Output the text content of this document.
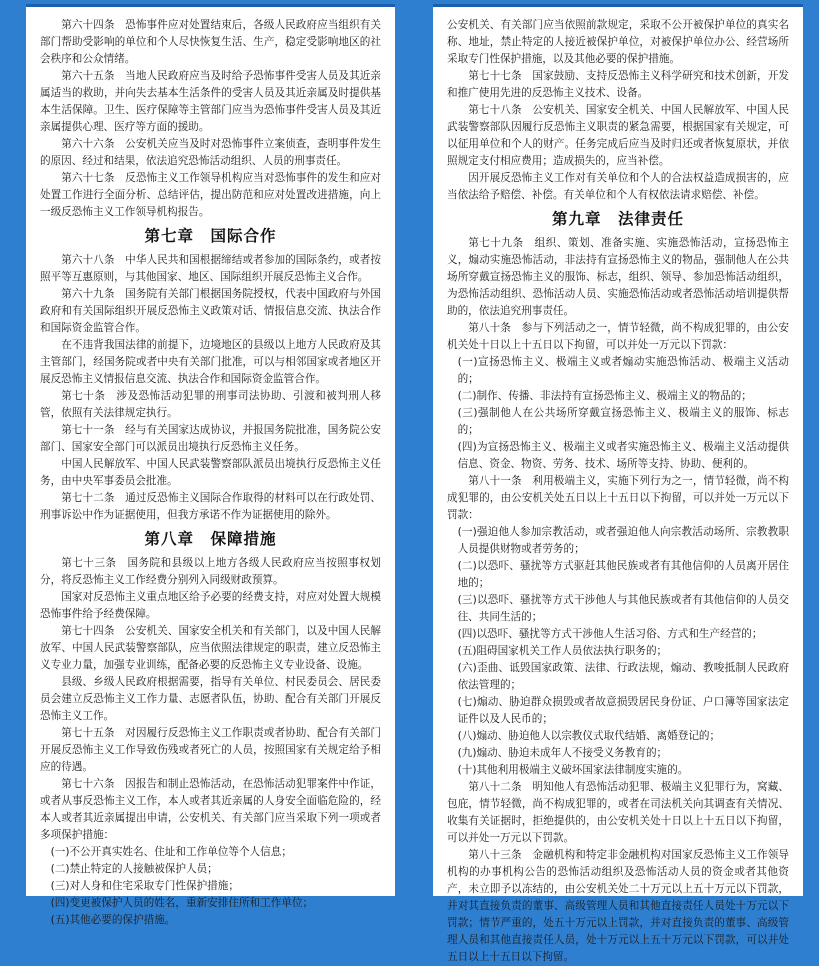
第六十四条　恐怖事件应对处置结束后，各级人民政府应当组织有关部门帮助受影响的单位和个人尽快恢复生活、生产，稳定受影响地区的社会秩序和公众情绪。

第六十五条　当地人民政府应当及时给予恐怖事件受害人员及其近亲属适当的救助，并向失去基本生活条件的受害人员及其近亲属及时提供基本生活保障。卫生、医疗保障等主管部门应当为恐怖事件受害人员及其近亲属提供心理、医疗等方面的援助。

第六十六条　公安机关应当及时对恐怖事件立案侦查，查明事件发生的原因、经过和结果，依法追究恐怖活动组织、人员的刑事责任。

第六十七条　反恐怖主义工作领导机构应当对恐怖事件的发生和应对处置工作进行全面分析、总结评估，提出防范和应对处置改进措施，向上一级反恐怖主义工作领导机构报告。

第七章　国际合作

第六十八条　中华人民共和国根据缔结或者参加的国际条约，或者按照平等互惠原则，与其他国家、地区、国际组织开展反恐怖主义合作。

第六十九条　国务院有关部门根据国务院授权，代表中国政府与外国政府和有关国际组织开展反恐怖主义政策对话、情报信息交流、执法合作和国际资金监管合作。

在不违背我国法律的前提下，边境地区的县级以上地方人民政府及其主管部门，经国务院或者中央有关部门批准，可以与相邻国家或者地区开展反恐怖主义情报信息交流、执法合作和国际资金监管合作。

第七十条　涉及恐怖活动犯罪的刑事司法协助、引渡和被判刑人移管，依照有关法律规定执行。

第七十一条　经与有关国家达成协议，并报国务院批准，国务院公安部门、国家安全部门可以派员出境执行反恐怖主义任务。

中国人民解放军、中国人民武装警察部队派员出境执行反恐怖主义任务，由中央军事委员会批准。

第七十二条　通过反恐怖主义国际合作取得的材料可以在行政处罚、刑事诉讼中作为证据使用，但我方承诺不作为证据使用的除外。

第八章　保障措施

第七十三条　国务院和县级以上地方各级人民政府应当按照事权划分，将反恐怖主义工作经费分别列入同级财政预算。

国家对反恐怖主义重点地区给予必要的经费支持，对应对处置大规模恐怖事件给予经费保障。

第七十四条　公安机关、国家安全机关和有关部门，以及中国人民解放军、中国人民武装警察部队，应当依照法律规定的职责，建立反恐怖主义专业力量，加强专业训练，配备必要的反恐怖主义专业设备、设施。

县级、乡级人民政府根据需要，指导有关单位、村民委员会、居民委员会建立反恐怖主义工作力量、志愿者队伍，协助、配合有关部门开展反恐怖主义工作。

第七十五条　对因履行反恐怖主义工作职责或者协助、配合有关部门开展反恐怖主义工作导致伤残或者死亡的人员，按照国家有关规定给予相应的待遇。

第七十六条　因报告和制止恐怖活动，在恐怖活动犯罪案件中作证，或者从事反恐怖主义工作，本人或者其近亲属的人身安全面临危险的，经本人或者其近亲属提出申请，公安机关、有关部门应当采取下列一项或者多项保护措施：

(一)不公开真实姓名、住址和工作单位等个人信息；

(二)禁止特定的人接触被保护人员；

(三)对人身和住宅采取专门性保护措施；

(四)变更被保护人员的姓名，重新安排住所和工作单位；

(五)其他必要的保护措施。

公安机关、有关部门应当依照前款规定，采取不公开被保护单位的真实名称、地址，禁止特定的人接近被保护单位，对被保护单位办公、经营场所采取专门性保护措施，以及其他必要的保护措施。

第七十七条　国家鼓励、支持反恐怖主义科学研究和技术创新，开发和推广使用先进的反恐怖主义技术、设备。

第七十八条　公安机关、国家安全机关、中国人民解放军、中国人民武装警察部队因履行反恐怖主义职责的紧急需要，根据国家有关规定，可以征用单位和个人的财产。任务完成后应当及时归还或者恢复原状，并依照规定支付相应费用；造成损失的，应当补偿。

因开展反恐怖主义工作对有关单位和个人的合法权益造成损害的，应当依法给予赔偿、补偿。有关单位和个人有权依法请求赔偿、补偿。

第九章　法律责任

第七十九条　组织、策划、准备实施、实施恐怖活动，宣扬恐怖主义，煽动实施恐怖活动，非法持有宣扬恐怖主义的物品，强制他人在公共场所穿戴宣扬恐怖主义的服饰、标志，组织、领导、参加恐怖活动组织，为恐怖活动组织、恐怖活动人员、实施恐怖活动或者恐怖活动培训提供帮助的，依法追究刑事责任。

第八十条　参与下列活动之一，情节轻微，尚不构成犯罪的，由公安机关处十日以上十五日以下拘留，可以并处一万元以下罚款：

(一)宣扬恐怖主义、极端主义或者煽动实施恐怖活动、极端主义活动的；

(二)制作、传播、非法持有宣扬恐怖主义、极端主义的物品的；

(三)强制他人在公共场所穿戴宣扬恐怖主义、极端主义的服饰、标志的；

(四)为宣扬恐怖主义、极端主义或者实施恐怖主义、极端主义活动提供信息、资金、物资、劳务、技术、场所等支持、协助、便利的。

第八十一条　利用极端主义，实施下列行为之一，情节轻微，尚不构成犯罪的，由公安机关处五日以上十五日以下拘留，可以并处一万元以下罚款：

(一)强迫他人参加宗教活动，或者强迫他人向宗教活动场所、宗教教职人员提供财物或者劳务的；

(二)以恐吓、骚扰等方式驱赶其他民族或者有其他信仰的人员离开居住地的；

(三)以恐吓、骚扰等方式干涉他人与其他民族或者有其他信仰的人员交往、共同生活的；

(四)以恐吓、骚扰等方式干涉他人生活习俗、方式和生产经营的；

(五)阻碍国家机关工作人员依法执行职务的；

(六)歪曲、诋毁国家政策、法律、行政法规，煽动、教唆抵制人民政府依法管理的；

(七)煽动、胁迫群众损毁或者故意损毁居民身份证、户口簿等国家法定证件以及人民币的；

(八)煽动、胁迫他人以宗教仪式取代结婚、离婚登记的；

(九)煽动、胁迫未成年人不接受义务教育的；

(十)其他利用极端主义破坏国家法律制度实施的。

第八十二条　明知他人有恐怖活动犯罪、极端主义犯罪行为，窝藏、包庇，情节轻微，尚不构成犯罪的，或者在司法机关向其调查有关情况、收集有关证据时，拒绝提供的，由公安机关处十日以上十五日以下拘留，可以并处一万元以下罚款。

第八十三条　金融机构和特定非金融机构对国家反恐怖主义工作领导机构的办事机构公告的恐怖活动组织及恐怖活动人员的资金或者其他资产，未立即予以冻结的，由公安机关处二十万元以上五十万元以下罚款，并对其直接负责的董事、高级管理人员和其他直接责任人员处十万元以下罚款；情节严重的，处五十万元以上罚款，并对直接负责的董事、高级管理人员和其他直接责任人员，处十万元以上五十万元以下罚款，可以并处五日以上十五日以下拘留。
